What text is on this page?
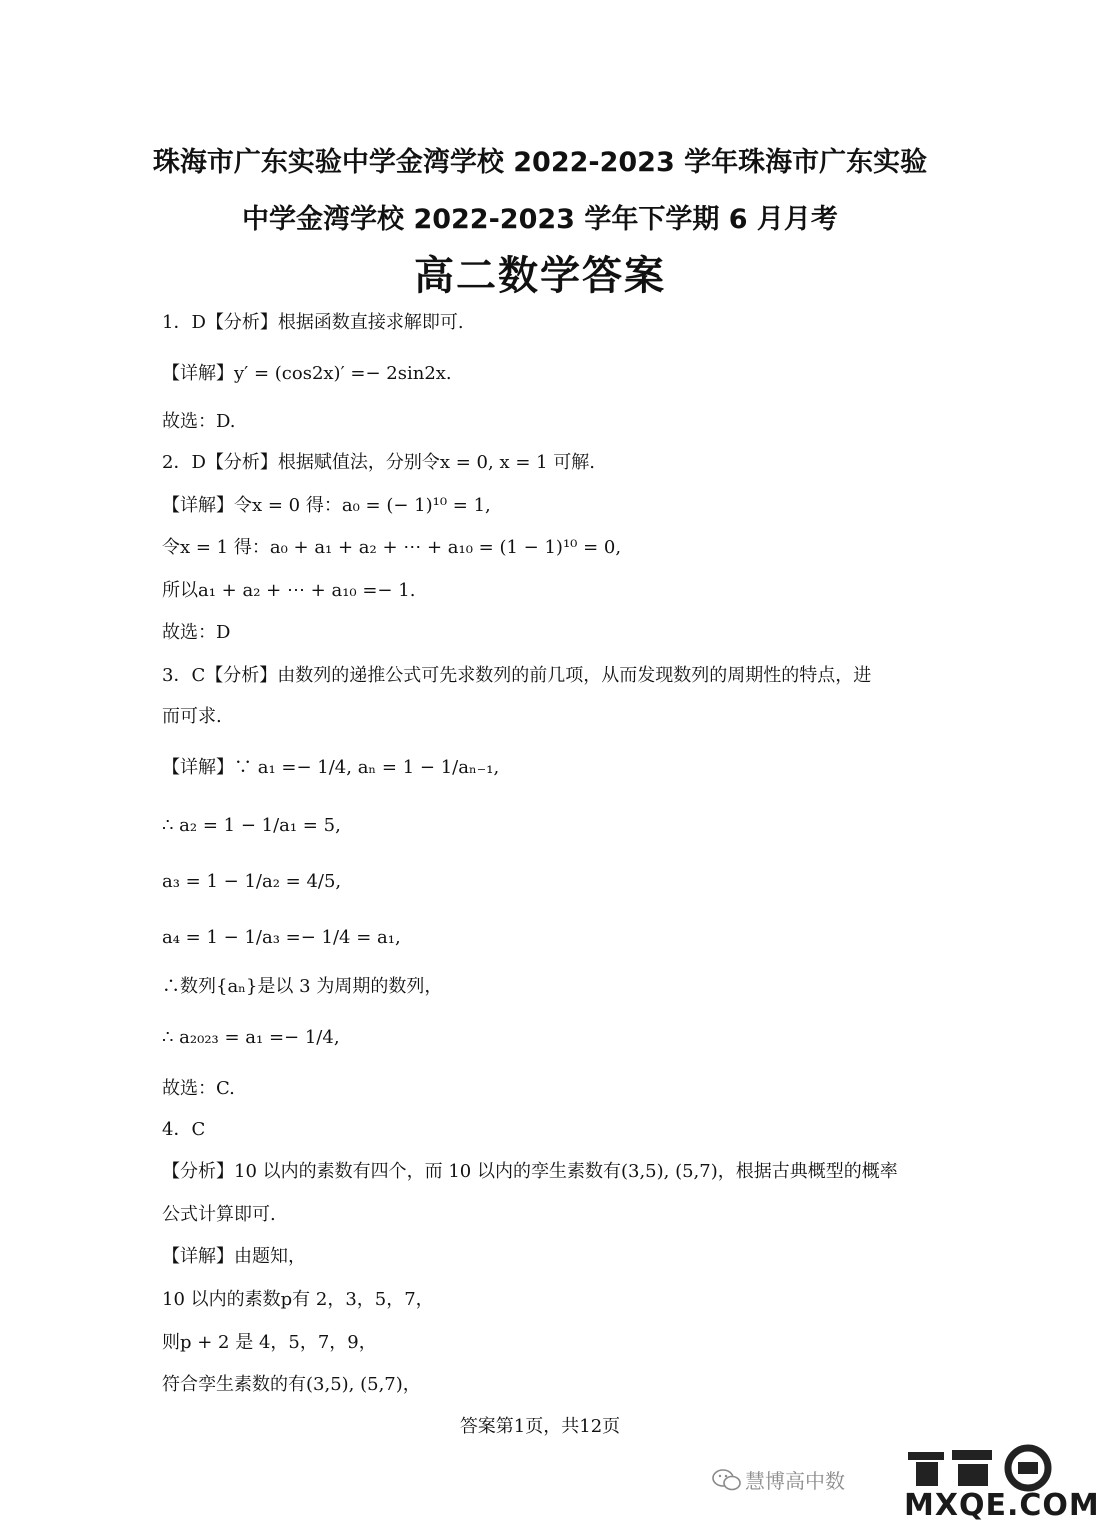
珠海市广东实验中学金湾学校 2022-2023 学年珠海市广东实验
中学金湾学校 2022-2023 学年下学期 6 月月考
高二数学答案
1．D【分析】根据函数直接求解即可.
【详解】y′ = (cos2x)′ =− 2sin2x.
故选：D.
2．D【分析】根据赋值法，分别令x = 0, x = 1 可解.
【详解】令x = 0 得：a₀ = (− 1)¹⁰ = 1,
令x = 1 得：a₀ + a₁ + a₂ + ⋯ + a₁₀ = (1 − 1)¹⁰ = 0,
所以a₁ + a₂ + ⋯ + a₁₀ =− 1.
故选：D
3．C【分析】由数列的递推公式可先求数列的前几项，从而发现数列的周期性的特点，进
而可求.
【详解】∵ a₁ =− 1/4, aₙ = 1 − 1/aₙ₋₁,
∴ a₂ = 1 − 1/a₁ = 5,
a₃ = 1 − 1/a₂ = 4/5,
a₄ = 1 − 1/a₃ =− 1/4 = a₁,
∴数列{aₙ}是以 3 为周期的数列，
∴ a₂₀₂₃ = a₁ =− 1/4,
故选：C.
4．C
【分析】10 以内的素数有四个，而 10 以内的孪生素数有(3,5), (5,7)，根据古典概型的概率
公式计算即可.
【详解】由题知，
10 以内的素数p有 2，3，5，7，
则p + 2 是 4，5，7，9，
符合孪生素数的有(3,5), (5,7)，
答案第1页，共12页
慧博高中数
MXQE.COM
